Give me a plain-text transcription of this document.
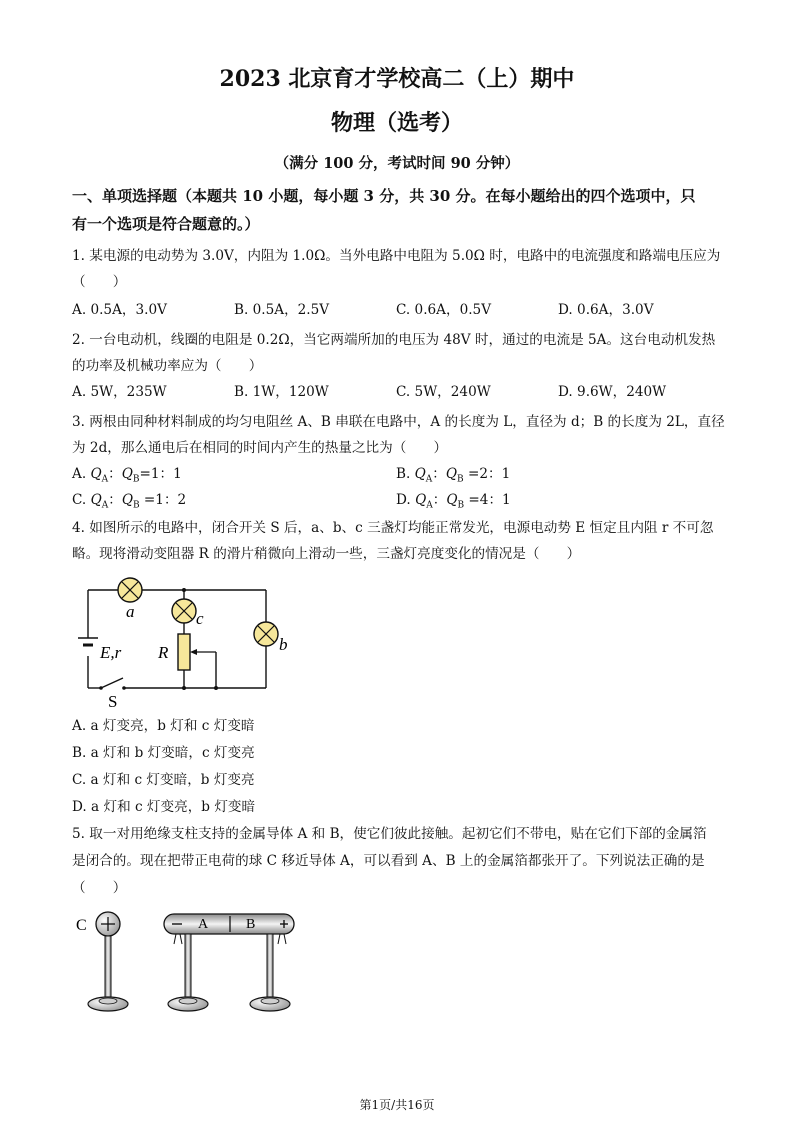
2023 北京育才学校高二（上）期中
物理（选考）
（满分 100 分，考试时间 90 分钟）
一、单项选择题（本题共 10 小题，每小题 3 分，共 30 分。在每小题给出的四个选项中，只
有一个选项是符合题意的。）
1. 某电源的电动势为 3.0V，内阻为 1.0Ω。当外电路中电阻为 5.0Ω 时，电路中的电流强度和路端电压应为
（　　）
A. 0.5A，3.0V	B. 0.5A，2.5V	C. 0.6A，0.5V	D. 0.6A，3.0V
2. 一台电动机，线圈的电阻是 0.2Ω，当它两端所加的电压为 48V 时，通过的电流是 5A。这台电动机发热
的功率及机械功率应为（　　）
A. 5W，235W	B. 1W，120W	C. 5W，240W	D. 9.6W，240W
3. 两根由同种材料制成的均匀电阻丝 A、B 串联在电路中，A 的长度为 L，直径为 d；B 的长度为 2L，直径
为 2d，那么通电后在相同的时间内产生的热量之比为（　　）
A. $Q_A$：$Q_B=1$：1	B. $Q_A$：$Q_B =2$：1
C. $Q_A$：$Q_B =1$：2	D. $Q_A$：$Q_B =4$：1
4. 如图所示的电路中，闭合开关 S 后，a、b、c 三盏灯均能正常发光，电源电动势 E 恒定且内阻 r 不可忽
略。现将滑动变阻器 R 的滑片稍微向上滑动一些，三盏灯亮度变化的情况是（　　）
a	c
b
E,r R
S
A. a 灯变亮，b 灯和 c 灯变暗
B. a 灯和 b 灯变暗，c 灯变亮
C. a 灯和 c 灯变暗，b 灯变亮
D. a 灯和 c 灯变亮，b 灯变暗
5. 取一对用绝缘支柱支持的金属导体 A 和 B，使它们彼此接触。起初它们不带电，贴在它们下部的金属箔
是闭合的。现在把带正电荷的球 C 移近导体 A，可以看到 A、B 上的金属箔都张开了。下列说法正确的是
（　　）
C	A	B
第1页/共16页
